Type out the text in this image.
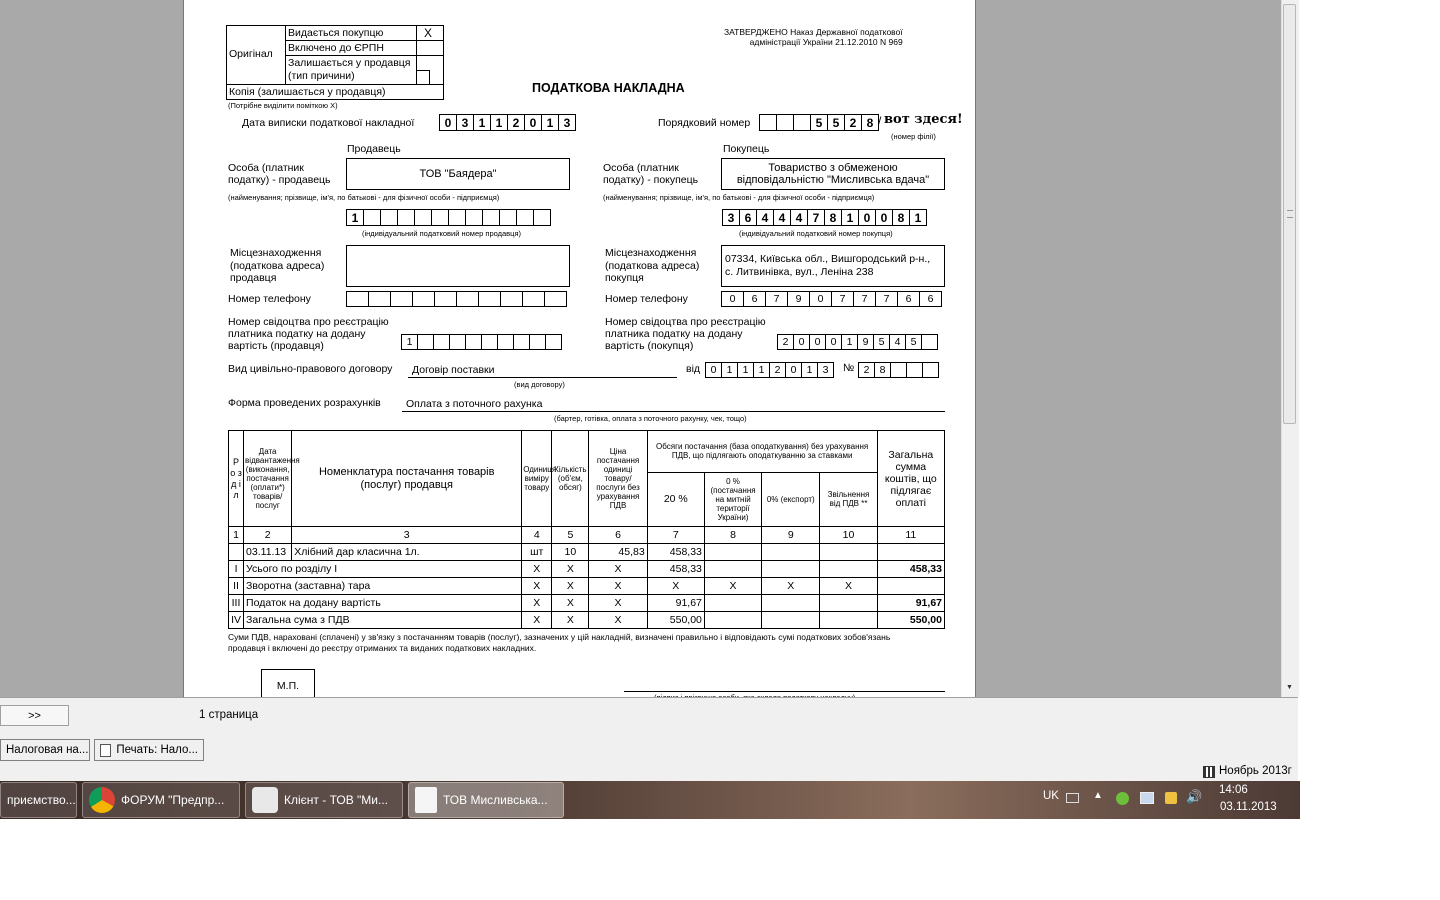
Оригінал
Видається покупцю	X
Включено до ЄРПН
Залишається у продавця (тип причини)
Копія (залишається у продавця)
(Потрібне виділити поміткою Х)
ЗАТВЕРДЖЕНО Наказ Державної податкової
адміністрації України 21.12.2010 N 969
ПОДАТКОВА НАКЛАДНА
Дата виписки податкової накладної	0 3 1 1 2 0 1 3	Порядковий номер	5 5 2 8 / вот здеся!
(номер філії)
Продавець	Покупець
Особа (платник податку) - продавець	ТОВ "Баядера"	Особа (платник податку) - покупець
Товариство з обмеженою відповідальністю "Мисливська вдача"
(найменування; прізвище, ім'я, по батькові - для фізичної особи - підприємця)	(найменування; прізвище, ім'я, по батькові - для фізичної особи - підприємця)
1	3 6 4 4 4 7 8 1 0 0 8 1
(індивідуальний податковий номер продавця)	(індивідуальний податковий номер покупця)
Місцезнаходження (податкова адреса) продавця
Місцезнаходження (податкова адреса) покупця
07334, Київська обл., Вишгородський р-н., с. Литвинівка, вул., Леніна 238
Номер телефону	Номер телефону	0	6	7	9	0	7	7	7	6	6
Номер свідоцтва про реєстрацію платника податку на додану вартість (продавця)	1
Номер свідоцтва про реєстрацію платника податку на додану вартість (покупця)	2 0 0 0 1 9 5 4 5
Вид цивільно-правового договору Договір поставки
(вид договору)
від	0 1 1 1 2 0 1 3	№ 2 8
Форма проведених розрахунків Оплата з поточного рахунка
(бартер, готівка, оплата з поточного рахунку, чек, тощо)
Р о з д і л	Дата відвантаження (виконання, постачання (оплати*) товарів/ послуг	Номенклатура постачання товарів (послуг) продавця	Одиниця виміру товару	Кількість (об'єм, обсяг)	Ціна постачання одиниці товару/ послуги без урахування ПДВ	Обсяги постачання (база оподаткування) без урахування ПДВ, що підлягають оподаткуванню за ставками				Загальна сумма коштів, що підлягає оплаті
						20 %	0 % (постачання на митній території України)	0% (експорт)	Звільнення від ПДВ **	
1	2	3	4	5	6	7	8	9	10	11
	03.11.13	Хлібний дар класична 1л.	шт	10	45,83	458,33				
I	Усього по розділу I		X	X	X	458,33				458,33
II	Зворотна (заставна) тара		X	X	X	X	X	X	X	
III	Податок на додану вартість		X	X	X	91,67				91,67
IV	Загальна сума з ПДВ		X	X	X	550,00				550,00
Суми ПДВ, нараховані (сплачені) у зв'язку з постачанням товарів (послуг), зазначених у цій накладній, визначені правильно і відповідають сумі податкових зобов'язань продавця і включені до реєстру отриманих та виданих податкових накладних.
М.П.	▼
>>	1 страница
Налоговая на... Печать: Нало...
Ноябрь 2013г
приємство...	ФОРУМ "Предпр...	Клієнт - ТОВ "Ми...	ТОВ Мисливська...	UK	▲	🔊 14:06
03.11.2013
